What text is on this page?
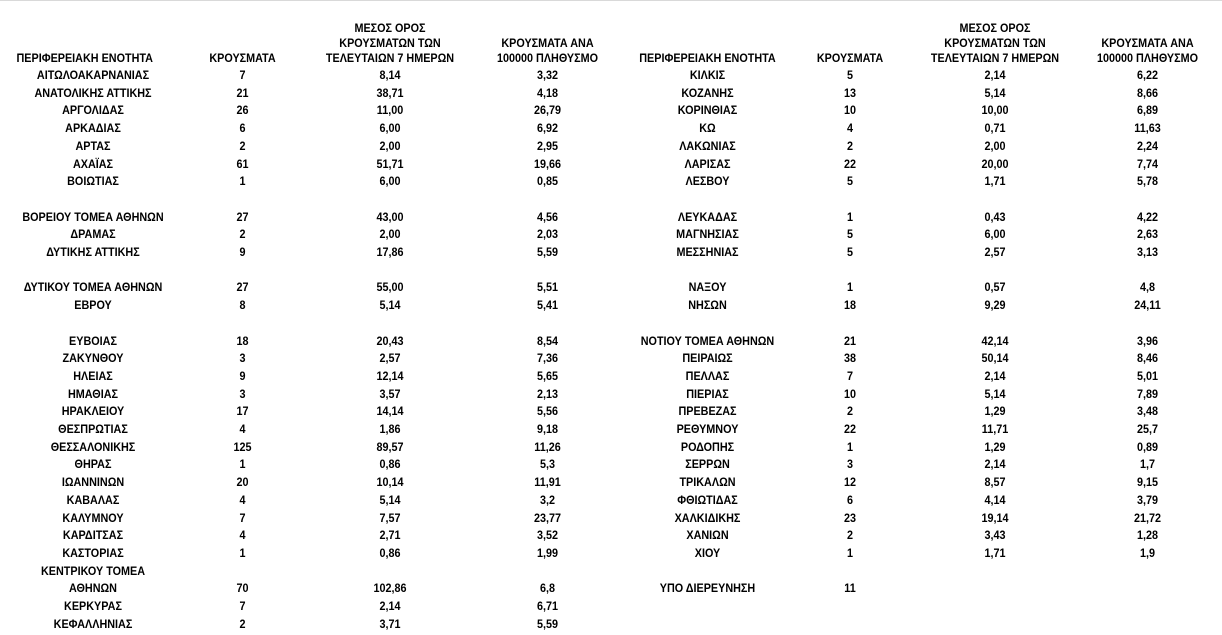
ΠΕΡΙΦΕΡΕΙΑΚΗ ΕΝΟΤΗΤΑ
ΑΙΤΩΛΟΑΚΑΡΝΑΝΙΑΣ
ΑΝΑΤΟΛΙΚΗΣ ΑΤΤΙΚΗΣ
ΑΡΓΟΛΙΔΑΣ
ΑΡΚΑΔΙΑΣ
ΑΡΤΑΣ
ΑΧΑΪΑΣ
ΒΟΙΩΤΙΑΣ
ΒΟΡΕΙΟΥ ΤΟΜΕΑ ΑΘΗΝΩΝ
ΔΡΑΜΑΣ
ΔΥΤΙΚΗΣ ΑΤΤΙΚΗΣ
ΔΥΤΙΚΟΥ ΤΟΜΕΑ ΑΘΗΝΩΝ
ΕΒΡΟΥ
ΕΥΒΟΙΑΣ
ΖΑΚΥΝΘΟΥ
ΗΛΕΙΑΣ
ΗΜΑΘΙΑΣ
ΗΡΑΚΛΕΙΟΥ
ΘΕΣΠΡΩΤΙΑΣ
ΘΕΣΣΑΛΟΝΙΚΗΣ
ΘΗΡΑΣ
ΙΩΑΝΝΙΝΩΝ
ΚΑΒΑΛΑΣ
ΚΑΛΥΜΝΟΥ
ΚΑΡΔΙΤΣΑΣ
ΚΑΣΤΟΡΙΑΣ
ΚΕΝΤΡΙΚΟΥ ΤΟΜΕΑ
ΑΘΗΝΩΝ
ΚΕΡΚΥΡΑΣ
ΚΕΦΑΛΛΗΝΙΑΣ
ΚΡΟΥΣΜΑΤΑ
7
21
26
6
2
61
1
27
2
9
27
8
18
3
9
3
17
4
125
1
20
4
7
4
1
70
7
2
ΜΕΣΟΣ ΟΡΟΣ
ΚΡΟΥΣΜΑΤΩΝ ΤΩΝ
ΤΕΛΕΥΤΑΙΩΝ 7 ΗΜΕΡΩΝ
8,14
38,71
11,00
6,00
2,00
51,71
6,00
43,00
2,00
17,86
55,00
5,14
20,43
2,57
12,14
3,57
14,14
1,86
89,57
0,86
10,14
5,14
7,57
2,71
0,86
102,86
2,14
3,71
ΚΡΟΥΣΜΑΤΑ ΑΝΑ
100000 ΠΛΗΘΥΣΜΟ
3,32
4,18
26,79
6,92
2,95
19,66
0,85
4,56
2,03
5,59
5,51
5,41
8,54
7,36
5,65
2,13
5,56
9,18
11,26
5,3
11,91
3,2
23,77
3,52
1,99
6,8
6,71
5,59
ΠΕΡΙΦΕΡΕΙΑΚΗ ΕΝΟΤΗΤΑ
ΚΙΛΚΙΣ
ΚΟΖΑΝΗΣ
ΚΟΡΙΝΘΙΑΣ
ΚΩ
ΛΑΚΩΝΙΑΣ
ΛΑΡΙΣΑΣ
ΛΕΣΒΟΥ
ΛΕΥΚΑΔΑΣ
ΜΑΓΝΗΣΙΑΣ
ΜΕΣΣΗΝΙΑΣ
ΝΑΞΟΥ
ΝΗΣΩΝ
ΝΟΤΙΟΥ ΤΟΜΕΑ ΑΘΗΝΩΝ
ΠΕΙΡΑΙΩΣ
ΠΕΛΛΑΣ
ΠΙΕΡΙΑΣ
ΠΡΕΒΕΖΑΣ
ΡΕΘΥΜΝΟΥ
ΡΟΔΟΠΗΣ
ΣΕΡΡΩΝ
ΤΡΙΚΑΛΩΝ
ΦΘΙΩΤΙΔΑΣ
ΧΑΛΚΙΔΙΚΗΣ
ΧΑΝΙΩΝ
ΧΙΟΥ
ΥΠΟ ΔΙΕΡΕΥΝΗΣΗ
ΚΡΟΥΣΜΑΤΑ
5
13
10
4
2
22
5
1
5
5
1
18
21
38
7
10
2
22
1
3
12
6
23
2
1
11
ΜΕΣΟΣ ΟΡΟΣ
ΚΡΟΥΣΜΑΤΩΝ ΤΩΝ
ΤΕΛΕΥΤΑΙΩΝ 7 ΗΜΕΡΩΝ
2,14
5,14
10,00
0,71
2,00
20,00
1,71
0,43
6,00
2,57
0,57
9,29
42,14
50,14
2,14
5,14
1,29
11,71
1,29
2,14
8,57
4,14
19,14
3,43
1,71
ΚΡΟΥΣΜΑΤΑ ΑΝΑ
100000 ΠΛΗΘΥΣΜΟ
6,22
8,66
6,89
11,63
2,24
7,74
5,78
4,22
2,63
3,13
4,8
24,11
3,96
8,46
5,01
7,89
3,48
25,7
0,89
1,7
9,15
3,79
21,72
1,28
1,9
